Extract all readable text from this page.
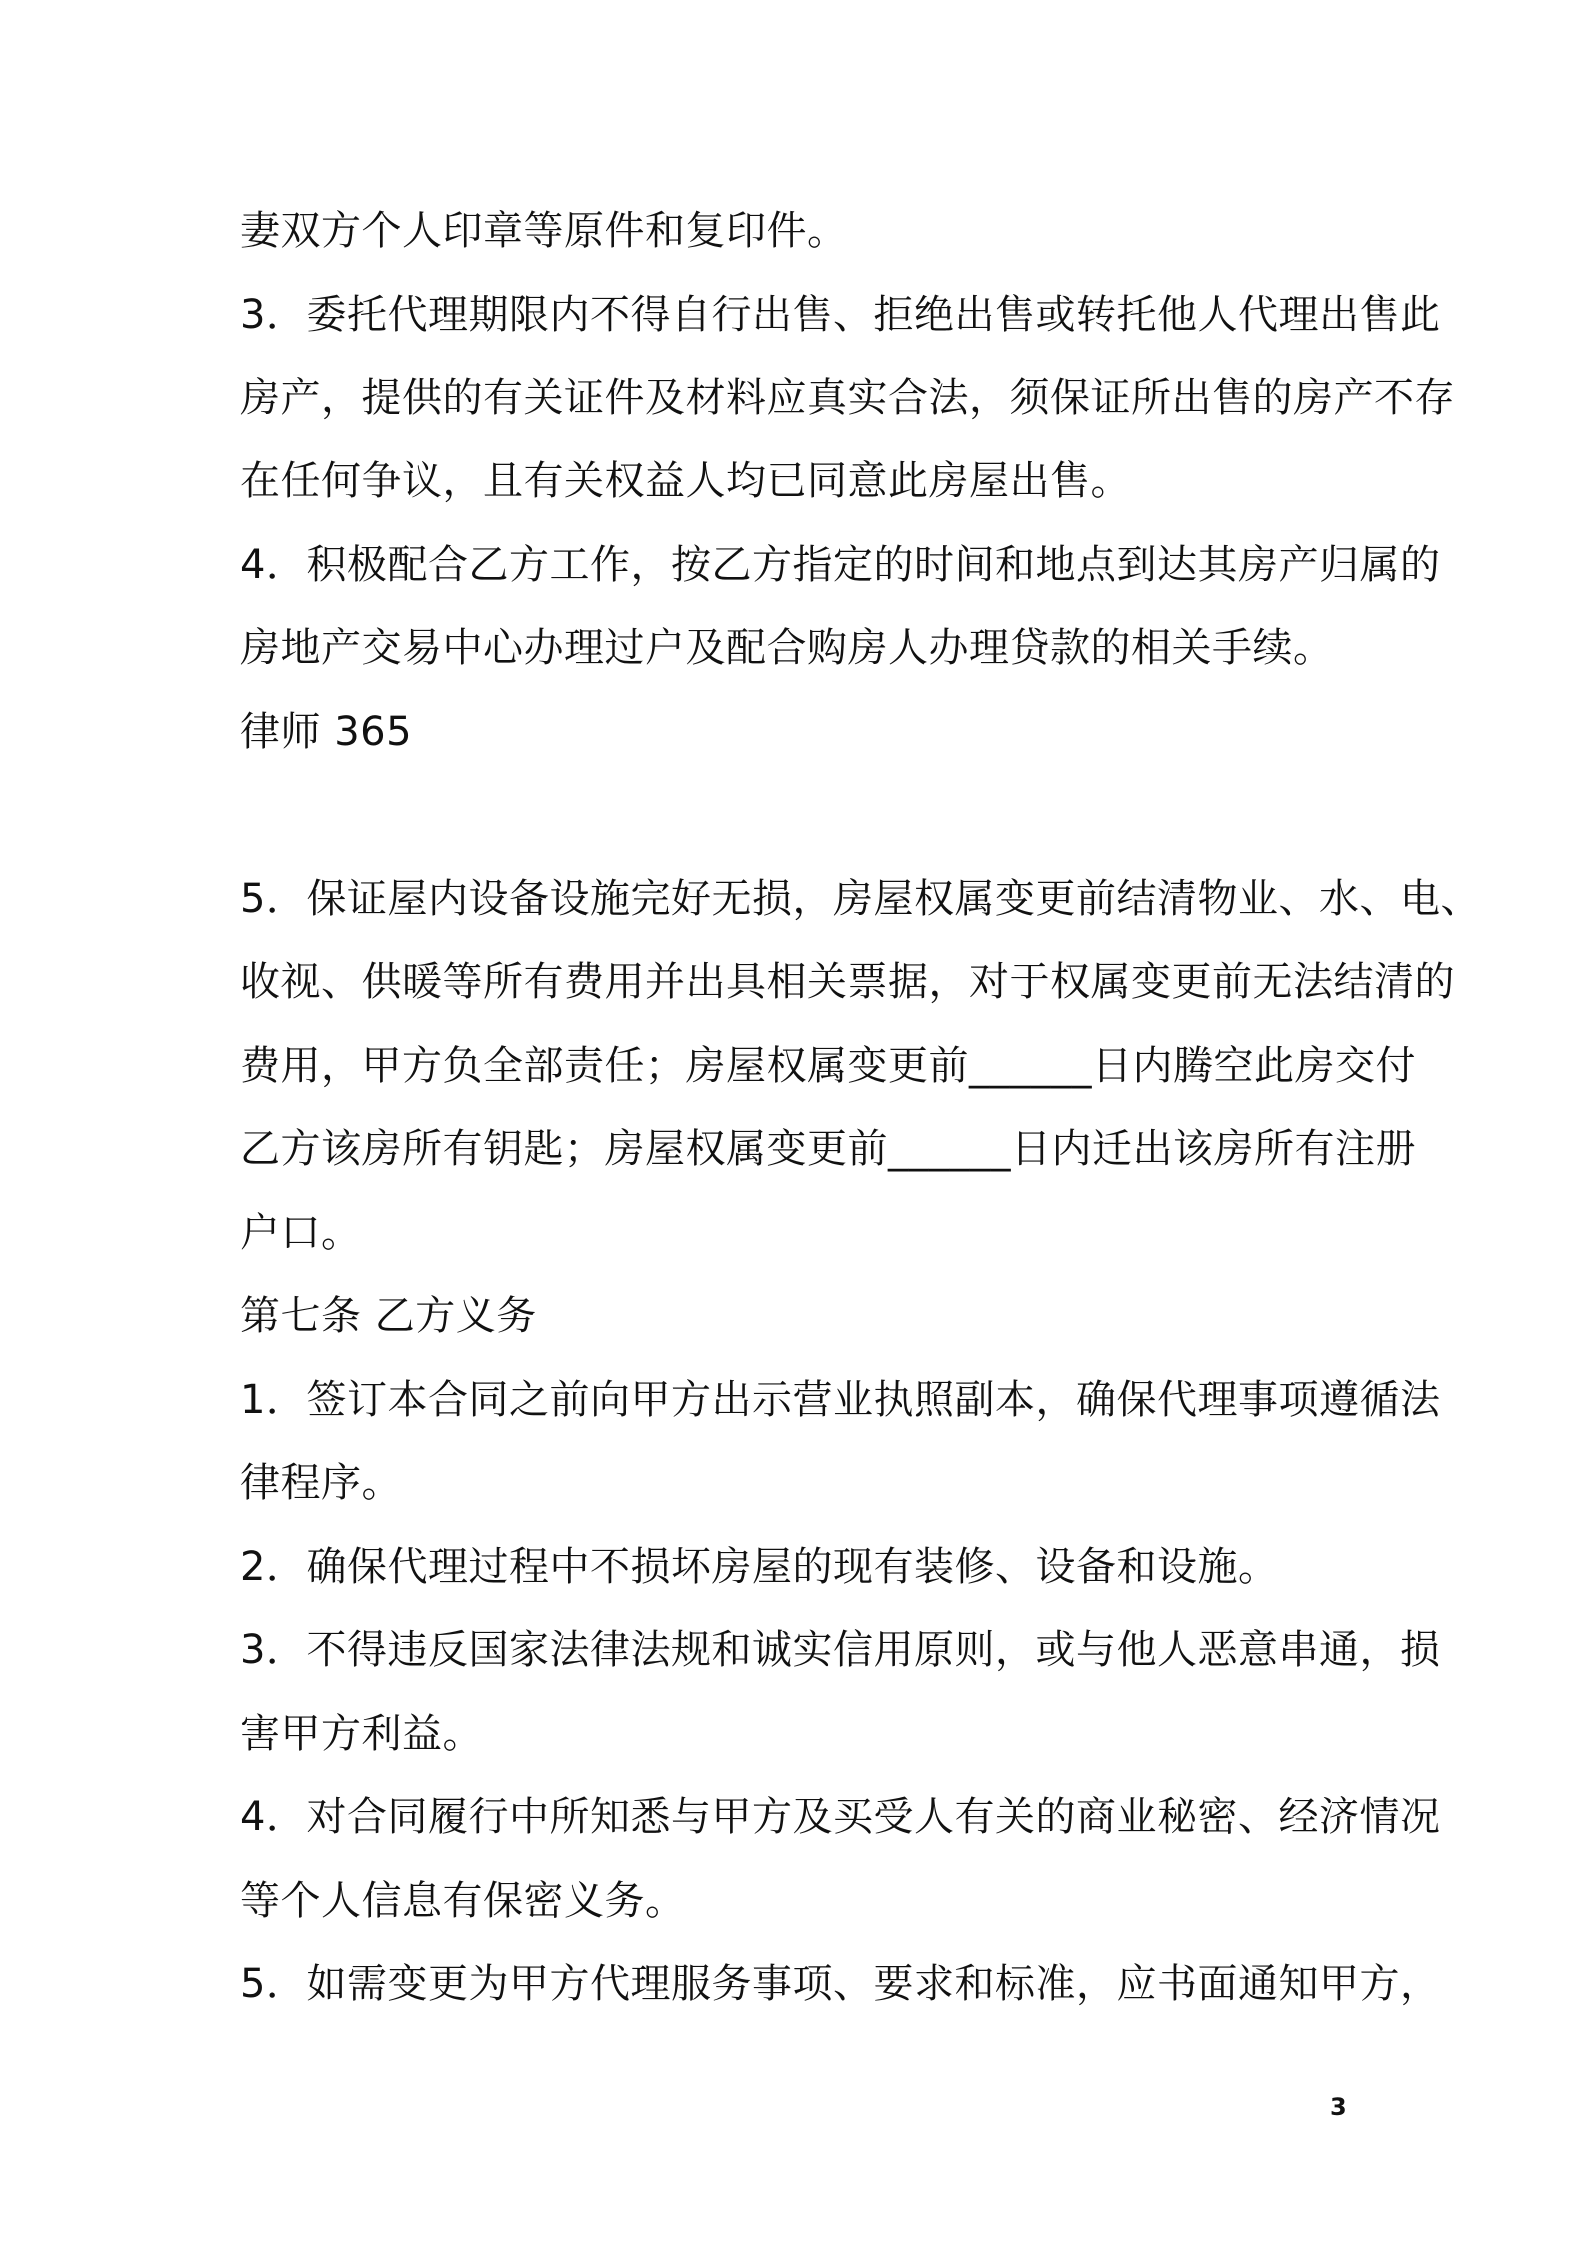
妻双方个人印章等原件和复印件。
3．委托代理期限内不得自行出售、拒绝出售或转托他人代理出售此
房产，提供的有关证件及材料应真实合法，须保证所出售的房产不存
在任何争议，且有关权益人均已同意此房屋出售。
4．积极配合乙方工作，按乙方指定的时间和地点到达其房产归属的
房地产交易中心办理过户及配合购房人办理贷款的相关手续。
律师 365
5．保证屋内设备设施完好无损，房屋权属变更前结清物业、水、电、
收视、供暖等所有费用并出具相关票据，对于权属变更前无法结清的
费用，甲方负全部责任；房屋权属变更前______日内腾空此房交付
乙方该房所有钥匙；房屋权属变更前______日内迁出该房所有注册
户口。
第七条 乙方义务
1．签订本合同之前向甲方出示营业执照副本，确保代理事项遵循法
律程序。
2．确保代理过程中不损坏房屋的现有装修、设备和设施。
3．不得违反国家法律法规和诚实信用原则，或与他人恶意串通，损
害甲方利益。
4．对合同履行中所知悉与甲方及买受人有关的商业秘密、经济情况
等个人信息有保密义务。
5．如需变更为甲方代理服务事项、要求和标准，应书面通知甲方，
3
